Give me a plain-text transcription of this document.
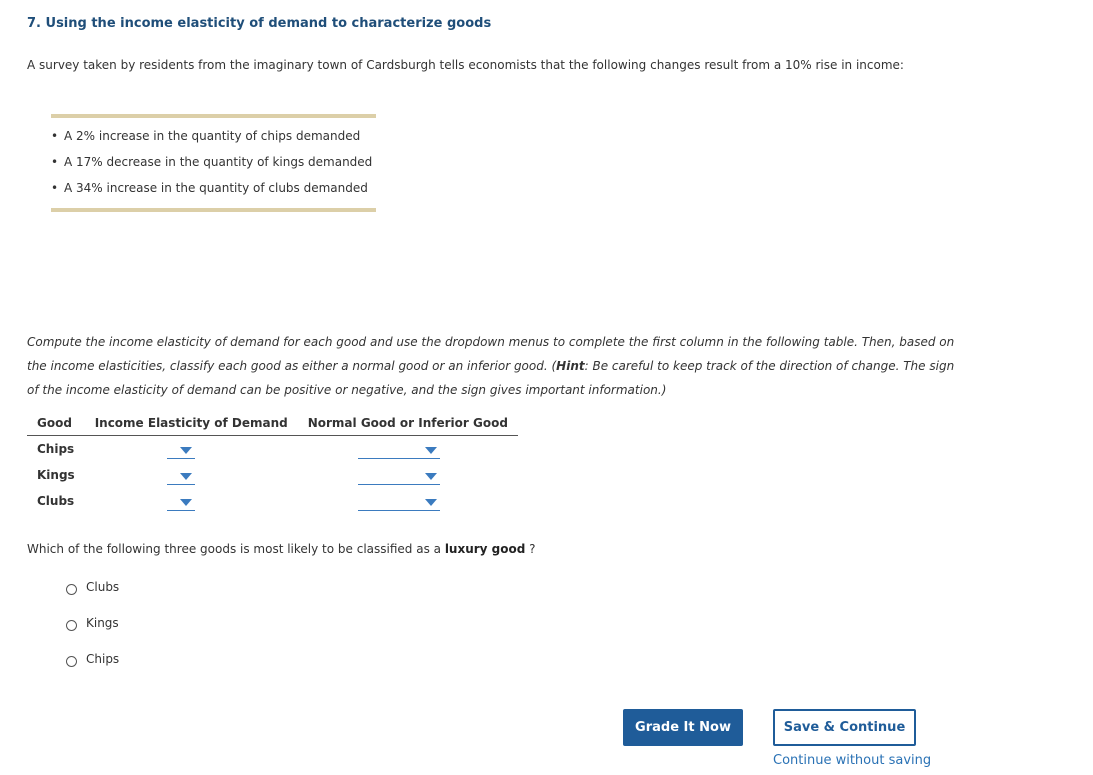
7. Using the income elasticity of demand to characterize goods
A survey taken by residents from the imaginary town of Cardsburgh tells economists that the following changes result from a 10% rise in income:
• A 2% increase in the quantity of chips demanded
• A 17% decrease in the quantity of kings demanded
• A 34% increase in the quantity of clubs demanded
Compute the income elasticity of demand for each good and use the dropdown menus to complete the first column in the following table. Then, based on the income elasticities, classify each good as either a normal good or an inferior good. (Hint: Be careful to keep track of the direction of change. The sign of the income elasticity of demand can be positive or negative, and the sign gives important information.)
Good	Income Elasticity of Demand	Normal Good or Inferior Good
Chips	

Kings	

Clubs	

Which of the following three goods is most likely to be classified as a luxury good ?
Clubs
Kings
Chips
Grade It Now	Save & Continue
Continue without saving
